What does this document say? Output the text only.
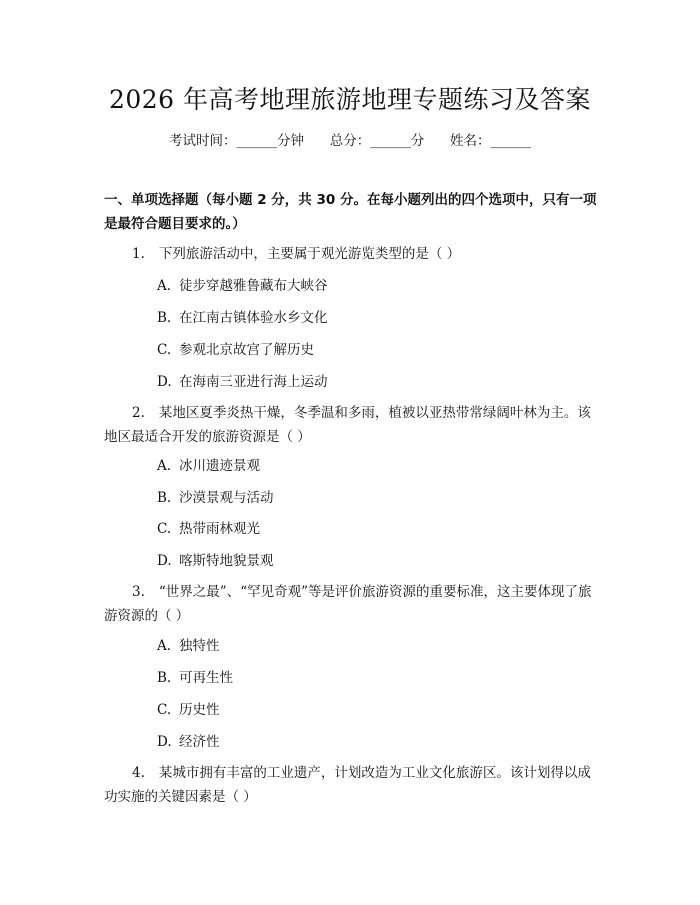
2026 年高考地理旅游地理专题练习及答案
考试时间：______分钟      总分：______分      姓名：______
一、单项选择题（每小题 2 分，共 30 分。在每小题列出的四个选项中，只有一项是最符合题目要求的。）
1. 下列旅游活动中，主要属于观光游览类型的是（ ）
A. 徒步穿越雅鲁藏布大峡谷
B. 在江南古镇体验水乡文化
C. 参观北京故宫了解历史
D. 在海南三亚进行海上运动
2. 某地区夏季炎热干燥，冬季温和多雨，植被以亚热带常绿阔叶林为主。该地区最适合开发的旅游资源是（ ）
A. 冰川遗迹景观
B. 沙漠景观与活动
C. 热带雨林观光
D. 喀斯特地貌景观
3. “世界之最”、“罕见奇观”等是评价旅游资源的重要标准，这主要体现了旅游资源的（ ）
A. 独特性
B. 可再生性
C. 历史性
D. 经济性
4. 某城市拥有丰富的工业遗产，计划改造为工业文化旅游区。该计划得以成功实施的关键因素是（ ）
